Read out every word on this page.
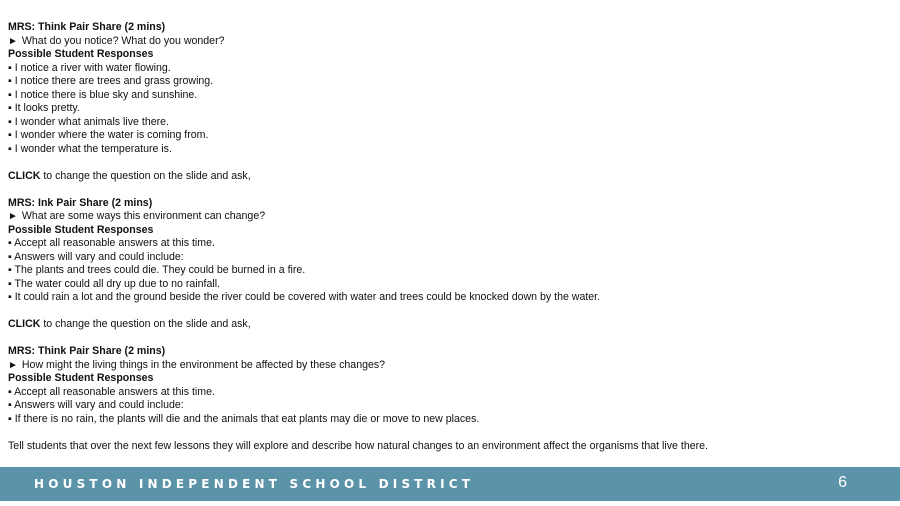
MRS: Think Pair Share (2 mins)
► What do you notice? What do you wonder?
Possible Student Responses
▪ I notice a river with water flowing.
▪ I notice there are trees and grass growing.
▪ I notice there is blue sky and sunshine.
▪ It looks pretty.
▪ I wonder what animals live there.
▪ I wonder where the water is coming from.
▪ I wonder what the temperature is.
CLICK to change the question on the slide and ask,
MRS: Ink Pair Share (2 mins)
► What are some ways this environment can change?
Possible Student Responses
▪ Accept all reasonable answers at this time.
▪ Answers will vary and could include:
▪ The plants and trees could die. They could be burned in a fire.
▪ The water could all dry up due to no rainfall.
▪ It could rain a lot and the ground beside the river could be covered with water and trees could be knocked down by the water.
CLICK to change the question on the slide and ask,
MRS: Think Pair Share (2 mins)
► How might the living things in the environment be affected by these changes?
Possible Student Responses
▪ Accept all reasonable answers at this time.
▪ Answers will vary and could include:
▪ If there is no rain, the plants will die and the animals that eat plants may die or move to new places.
Tell students that over the next few lessons they will explore and describe how natural changes to an environment affect the organisms that live there.
HOUSTON INDEPENDENT SCHOOL DISTRICT	6
